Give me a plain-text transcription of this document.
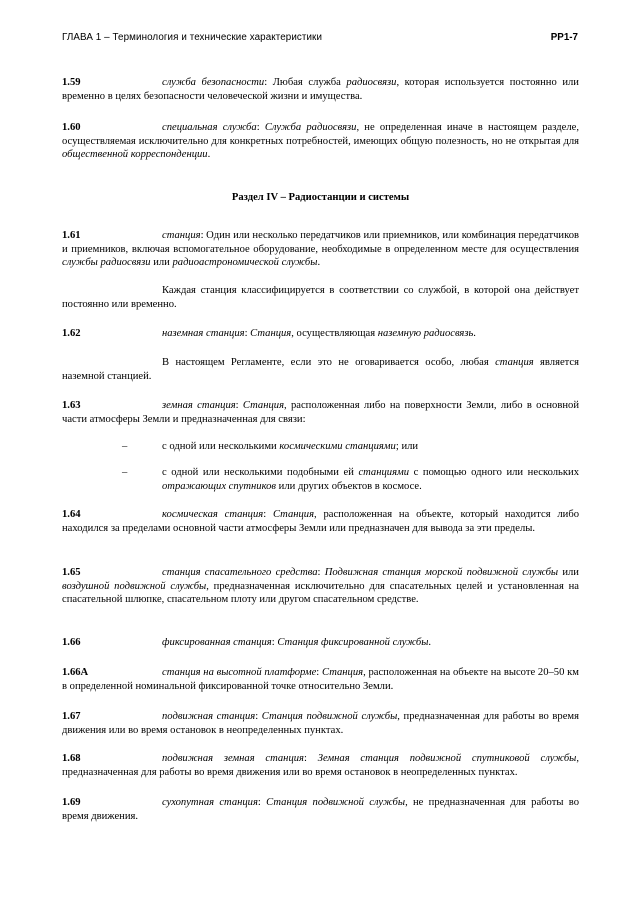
ГЛАВА 1 – Терминология и технические характеристики	РР1-7
1.59	служба безопасности: Любая служба радиосвязи, которая используется постоянно или временно в целях безопасности человеческой жизни и имущества.
1.60	специальная служба: Служба радиосвязи, не определенная иначе в настоящем разделе, осуществляемая исключительно для конкретных потребностей, имеющих общую полезность, но не открытая для общественной корреспонденции.
Раздел IV – Радиостанции и системы
1.61	станция: Один или несколько передатчиков или приемников, или комбинация передатчиков и приемников, включая вспомогательное оборудование, необходимые в определенном месте для осуществления службы радиосвязи или радиоастрономической службы.
Каждая станция классифицируется в соответствии со службой, в которой она действует постоянно или временно.
1.62	наземная станция: Станция, осуществляющая наземную радиосвязь.
В настоящем Регламенте, если это не оговаривается особо, любая станция является наземной станцией.
1.63	земная станция: Станция, расположенная либо на поверхности Земли, либо в основной части атмосферы Земли и предназначенная для связи:
–	с одной или несколькими космическими станциями; или
–	с одной или несколькими подобными ей станциями с помощью одного или нескольких отражающих спутников или других объектов в космосе.
1.64	космическая станция: Станция, расположенная на объекте, который находится либо находился за пределами основной части атмосферы Земли или предназначен для вывода за эти пределы.
1.65	станция спасательного средства: Подвижная станция морской подвижной службы или воздушной подвижной службы, предназначенная исключительно для спасательных целей и установленная на спасательной шлюпке, спасательном плоту или другом спасательном средстве.
1.66	фиксированная станция: Станция фиксированной службы.
1.66A	станция на высотной платформе: Станция, расположенная на объекте на высоте 20–50 км в определенной номинальной фиксированной точке относительно Земли.
1.67	подвижная станция: Станция подвижной службы, предназначенная для работы во время движения или во время остановок в неопределенных пунктах.
1.68	подвижная земная станция: Земная станция подвижной спутниковой службы, предназначенная для работы во время движения или во время остановок в неопределенных пунктах.
1.69	сухопутная станция: Станция подвижной службы, не предназначенная для работы во время движения.
